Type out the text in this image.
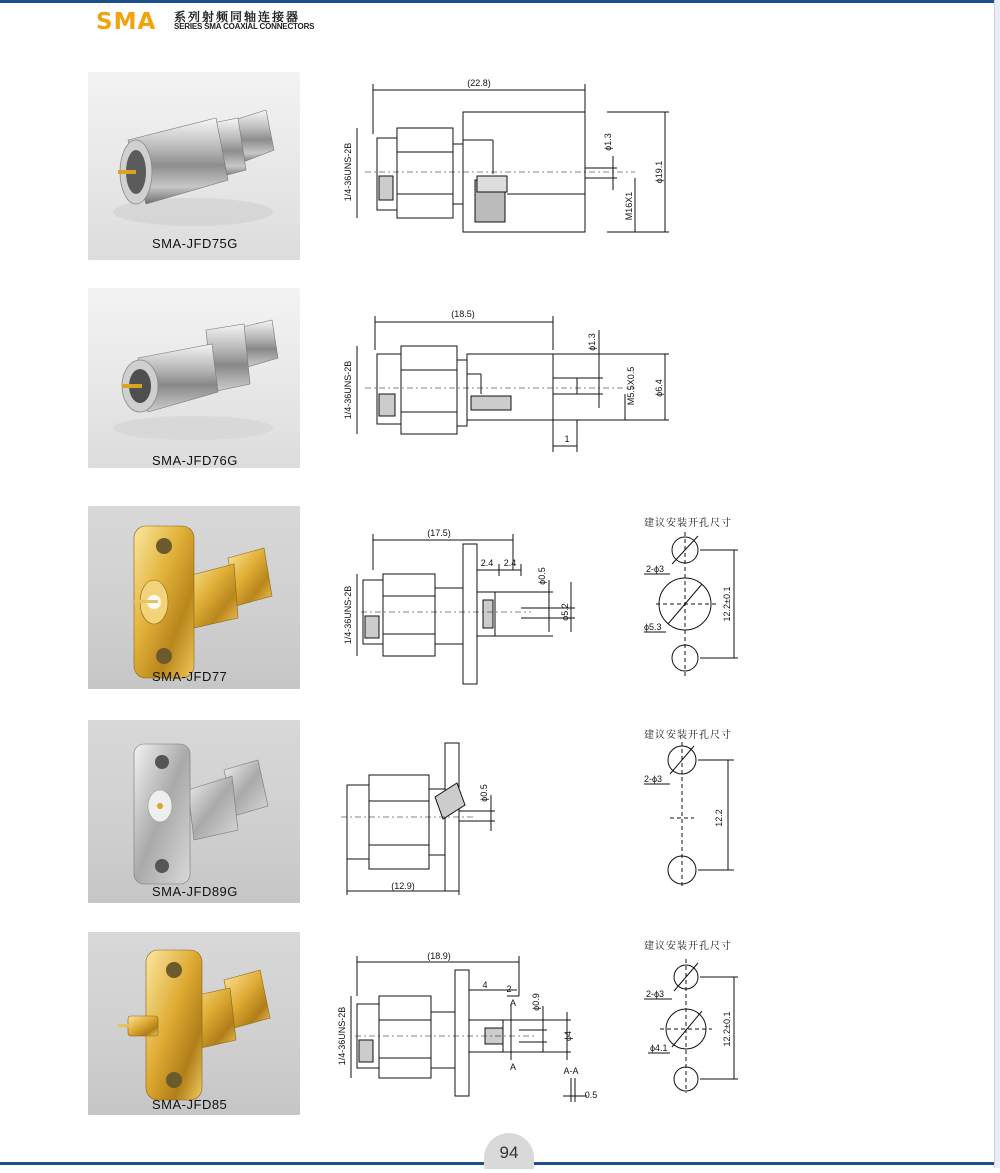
SMA 系列射频同轴连接器
SERIES SMA COAXIAL CONNECTORS
SMA-JFD75G
(22.8)
1/4-36UNS-2B
ϕ1.3
ϕ19.1
M16X1
SMA-JFD76G
(18.5)
1/4-36UNS-2B
ϕ1.3
M5.5X0.5 ϕ6.4
1
SMA-JFD77
(17.5)
2.4 2.4
1/4-36UNS-2B
ϕ0.5
ϕ5.2
建议安装开孔尺寸
2-ϕ3
ϕ5.3
12.2±0.1
SMA-JFD89G	(12.9)
ϕ0.5
建议安装开孔尺寸
2-ϕ3
12.2
SMA-JFD85
(18.9)
4 2
A
A
1/4-36UNS-2B
ϕ0.9
ϕ4
A-A
0.5
建议安装开孔尺寸
2-ϕ3
ϕ4.1
12.2±0.1
94
